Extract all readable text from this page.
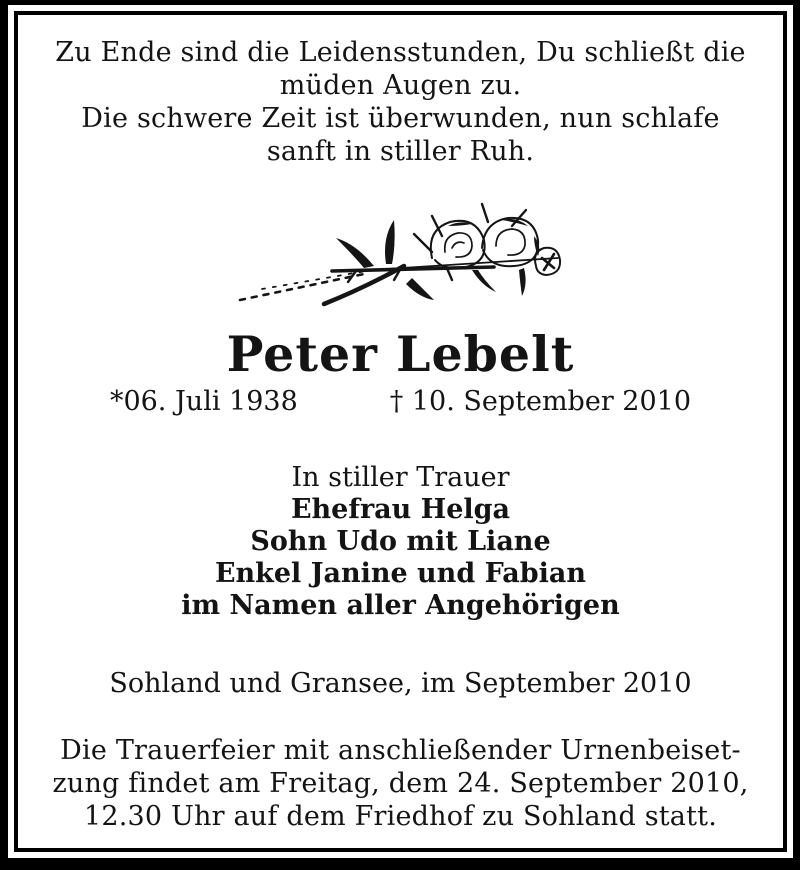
Zu Ende sind die Leidensstunden, Du schließt die
müden Augen zu.
Die schwere Zeit ist überwunden, nun schlafe
sanft in stiller Ruh.
Peter Lebelt
*06. Juli 1938	† 10. September 2010
In stiller Trauer
Ehefrau Helga
Sohn Udo mit Liane
Enkel Janine und Fabian
im Namen aller Angehörigen
Sohland und Gransee, im September 2010
Die Trauerfeier mit anschließender Urnenbeiset-
zung findet am Freitag, dem 24. September 2010,
12.30 Uhr auf dem Friedhof zu Sohland statt.
